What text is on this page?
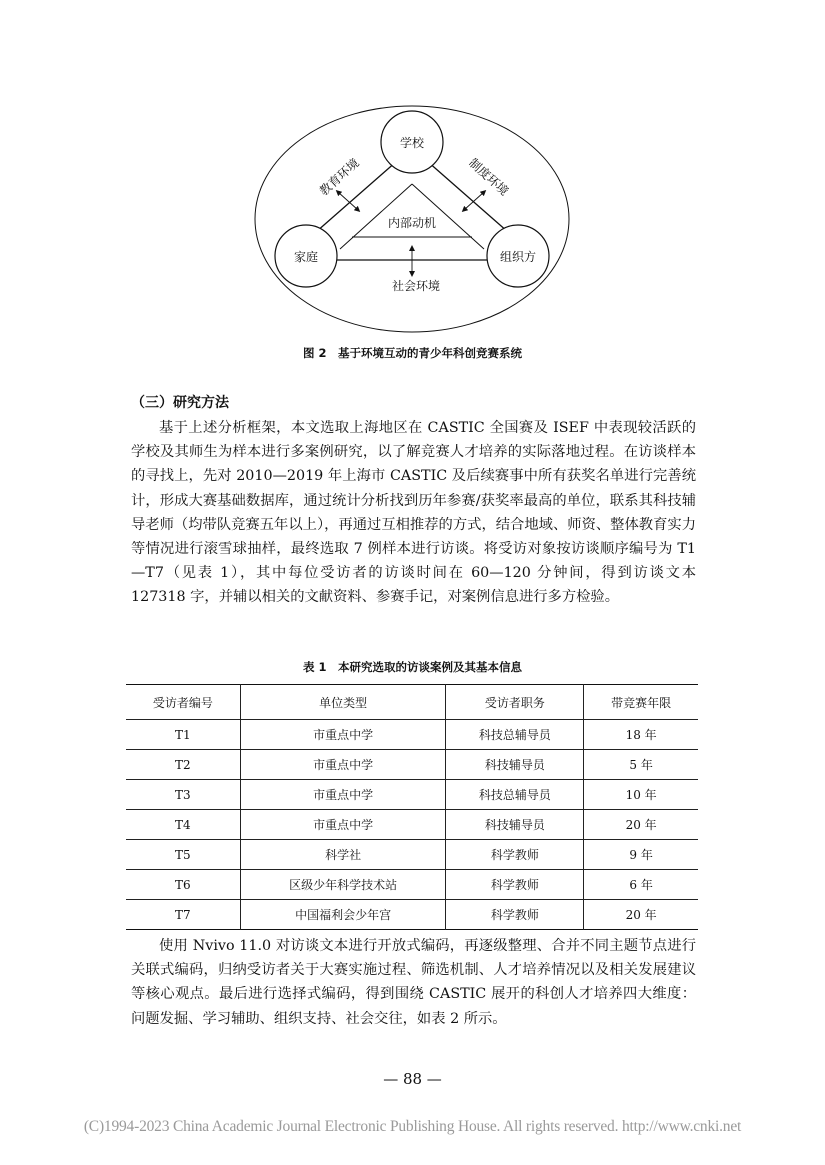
学校
家庭	组织方
内部动机
教育环境	制度环境
社会环境
图 2　基于环境互动的青少年科创竞赛系统
（三）研究方法

基于上述分析框架，本文选取上海地区在 CASTIC 全国赛及 ISEF 中表现较活跃的学校及其师生为样本进行多案例研究，以了解竞赛人才培养的实际落地过程。在访谈样本的寻找上，先对 2010—2019 年上海市 CASTIC 及后续赛事中所有获奖名单进行完善统计，形成大赛基础数据库，通过统计分析找到历年参赛/获奖率最高的单位，联系其科技辅导老师（均带队竞赛五年以上），再通过互相推荐的方式，结合地域、师资、整体教育实力等情况进行滚雪球抽样，最终选取 7 例样本进行访谈。将受访对象按访谈顺序编号为 T1—T7（见表 1），其中每位受访者的访谈时间在 60—120 分钟间，得到访谈文本 127318 字，并辅以相关的文献资料、参赛手记，对案例信息进行多方检验。

表 1　本研究选取的访谈案例及其基本信息
受访者编号	单位类型	受访者职务	带竞赛年限
T1	市重点中学	科技总辅导员	18 年
T2	市重点中学	科技辅导员	5 年
T3	市重点中学	科技总辅导员	10 年
T4	市重点中学	科技辅导员	20 年
T5	科学社	科学教师	9 年
T6	区级少年科学技术站	科学教师	6 年
T7	中国福利会少年宫	科学教师	20 年

使用 Nvivo 11.0 对访谈文本进行开放式编码，再逐级整理、合并不同主题节点进行关联式编码，归纳受访者关于大赛实施过程、筛选机制、人才培养情况以及相关发展建议等核心观点。最后进行选择式编码，得到围绕 CASTIC 展开的科创人才培养四大维度：问题发掘、学习辅助、组织支持、社会交往，如表 2 所示。

— 88 —
(C)1994-2023 China Academic Journal Electronic Publishing House. All rights reserved. http://www.cnki.net
